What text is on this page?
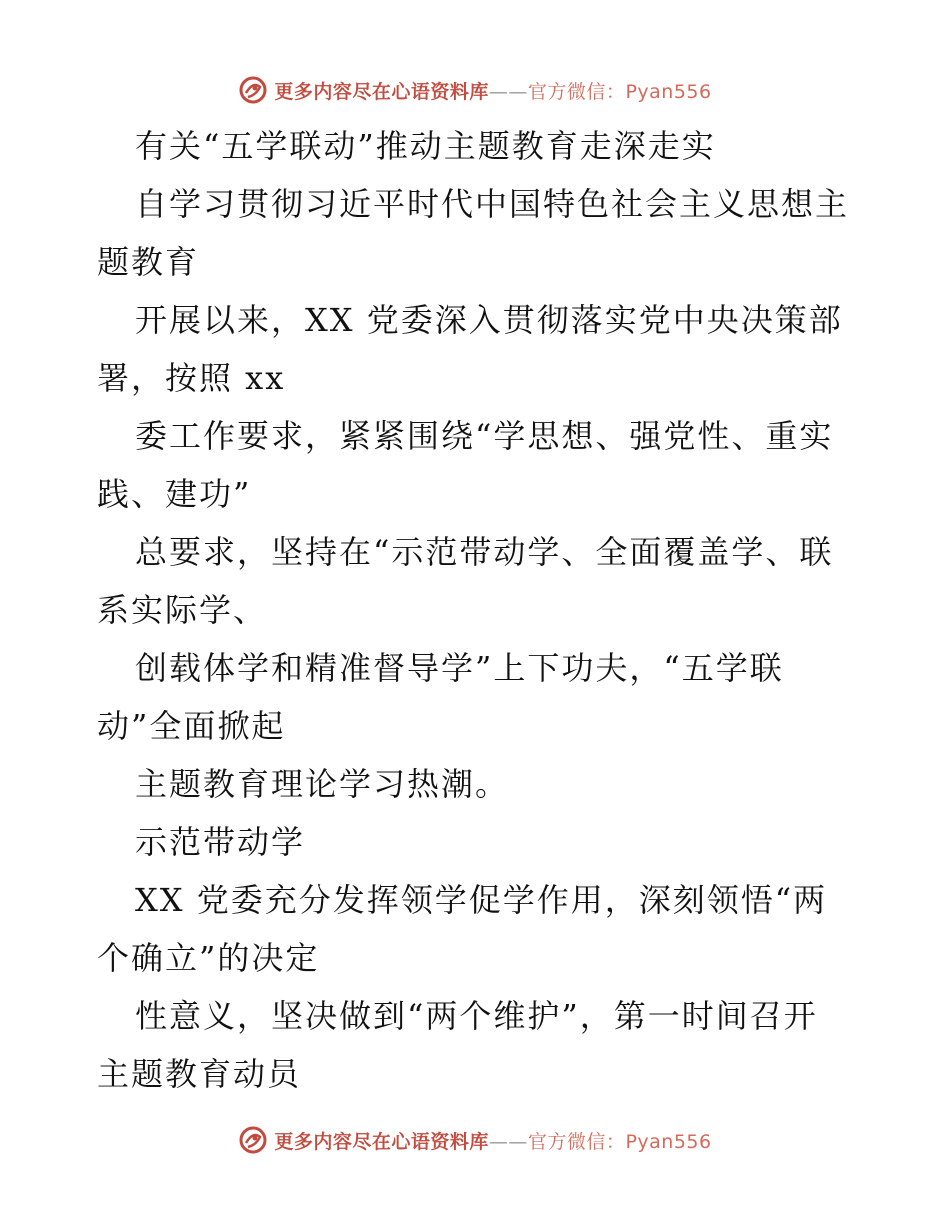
更多内容尽在心语资料库——官方微信：Pyan556
有关“五学联动”推动主题教育走深走实
自学习贯彻习近平时代中国特色社会主义思想主
题教育
开展以来，XX 党委深入贯彻落实党中央决策部
署，按照 xx
委工作要求，紧紧围绕“学思想、强党性、重实
践、建功”
总要求，坚持在“示范带动学、全面覆盖学、联
系实际学、
创载体学和精准督导学”上下功夫，“五学联
动”全面掀起
主题教育理论学习热潮。
示范带动学
XX 党委充分发挥领学促学作用，深刻领悟“两
个确立”的决定
性意义，坚决做到“两个维护”，第一时间召开
主题教育动员
更多内容尽在心语资料库——官方微信：Pyan556
